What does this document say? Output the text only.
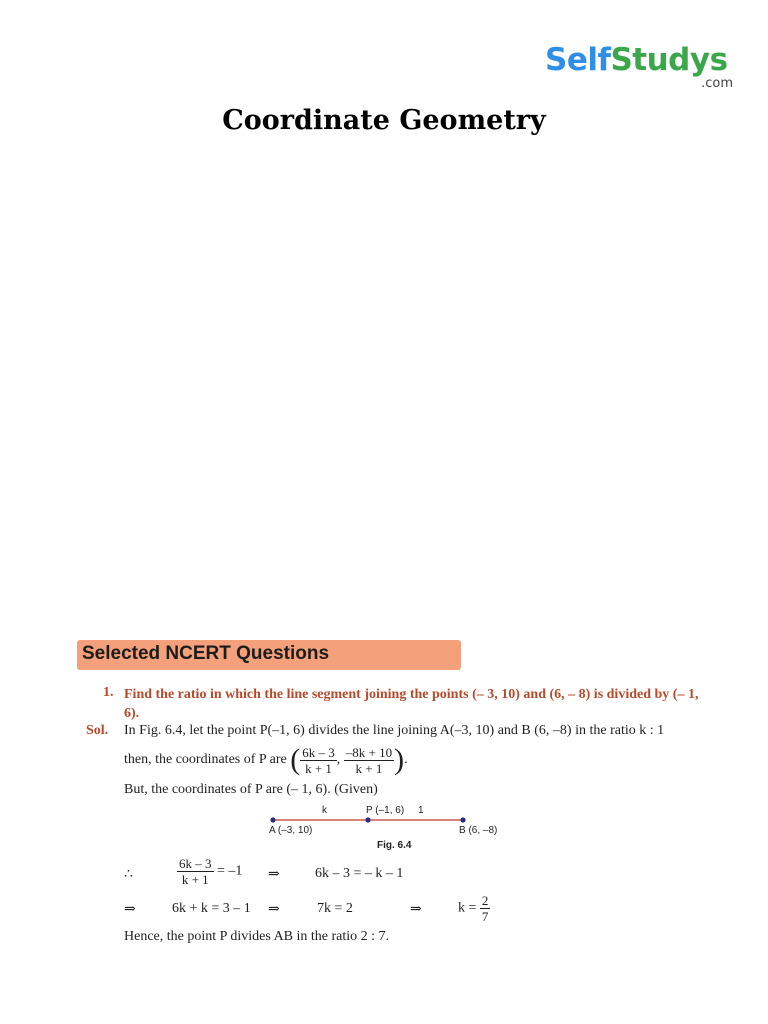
SelfStudys
.com
Coordinate Geometry
Selected NCERT Questions
1. Find the ratio in which the line segment joining the points (– 3, 10) and (6, – 8) is divided by (– 1, 6).
Sol. In Fig. 6.4, let the point P(–1, 6) divides the line joining A(–3, 10) and B (6, –8) in the ratio k : 1
then, the coordinates of P are ( $\frac{6k - 3}{k + 1}$ , $\frac{-8k + 10}{k + 1}$ ).
But, the coordinates of P are (– 1, 6). (Given)
k	P (–1, 6) 1
A (–3, 10)	B (6, –8)
Fig. 6.4
∴	$\frac{6k - 3}{k + 1} = -1$ ⇒	6k – 3 = – k – 1
⇒	6k + k = 3 – 1 ⇒	7k = 2	⇒	$k = \frac{2}{7}$
Hence, the point P divides AB in the ratio 2 : 7.
